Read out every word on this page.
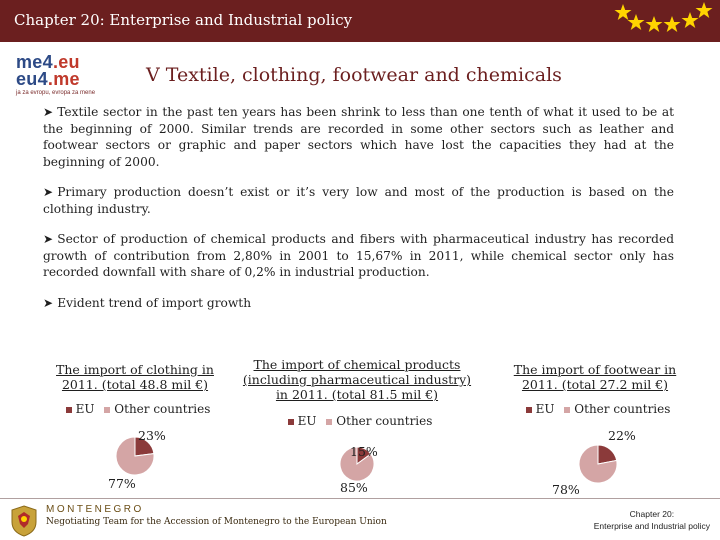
Chapter 20: Enterprise and Industrial policy
me4.eu
eu4.me
ja za evropu, evropa za mene
V Textile, clothing, footwear and chemicals
➤ Textile sector in the past ten years has been shrink to less than one tenth of what it used to be at the beginning of 2000. Similar trends are recorded in some other sectors such as leather and footwear sectors or graphic and paper sectors which have lost the capacities they had at the beginning of 2000.
➤ Primary production doesn’t exist or it’s very low and most of the production is based on the clothing industry.
➤ Sector of production of chemical products and fibers with pharmaceutical industry has recorded growth of contribution from 2,80% in 2001 to 15,67% in 2011, while chemical sector only has recorded downfall with share of 0,2% in industrial production.
➤ Evident trend of import growth
The import of clothing in 2011. (total 48.8 mil €)
EU Other countries
23%
77%
The import of chemical products (including pharmaceutical industry) in 2011. (total 81.5 mil €)
EU Other countries
15%
85%
The import of footwear in 2011. (total 27.2 mil €)
EU Other countries
22%
78%
MONTENEGRO
Negotiating Team for the Accession of Montenegro to the European Union
Chapter 20:
Enterprise and Industrial policy
